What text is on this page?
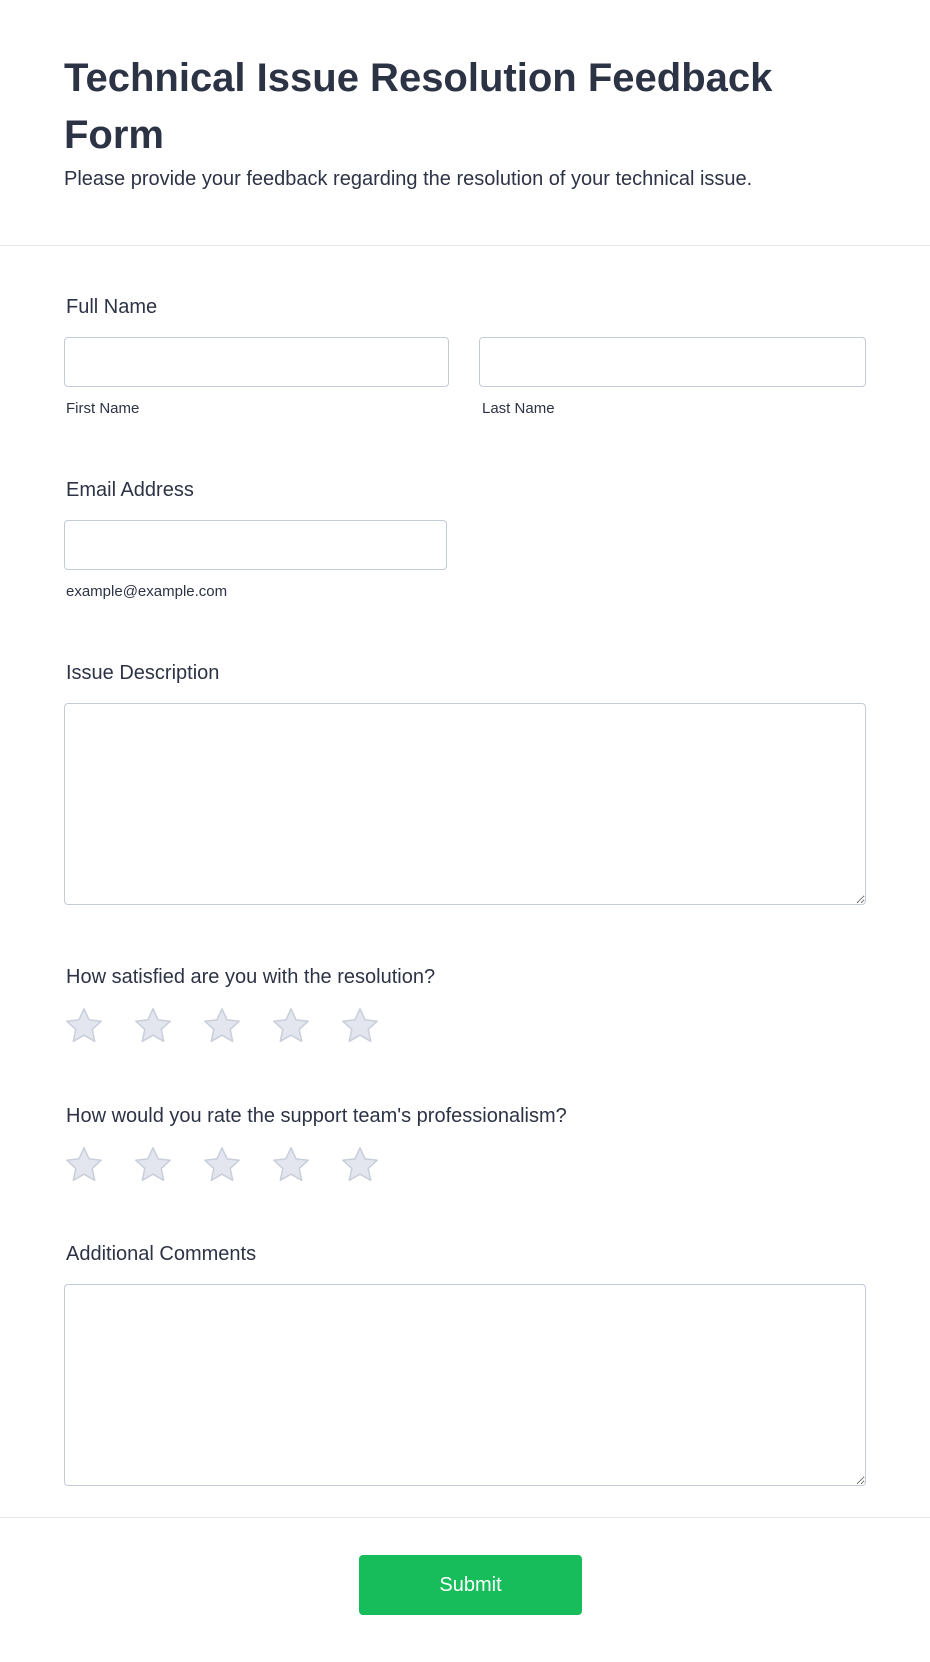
Technical Issue Resolution Feedback Form

Please provide your feedback regarding the resolution of your technical issue.

Full Name
First Name	Last Name
Email Address
example@example.com
Issue Description
How satisfied are you with the resolution?
How would you rate the support team's professionalism?
Additional Comments
Submit
